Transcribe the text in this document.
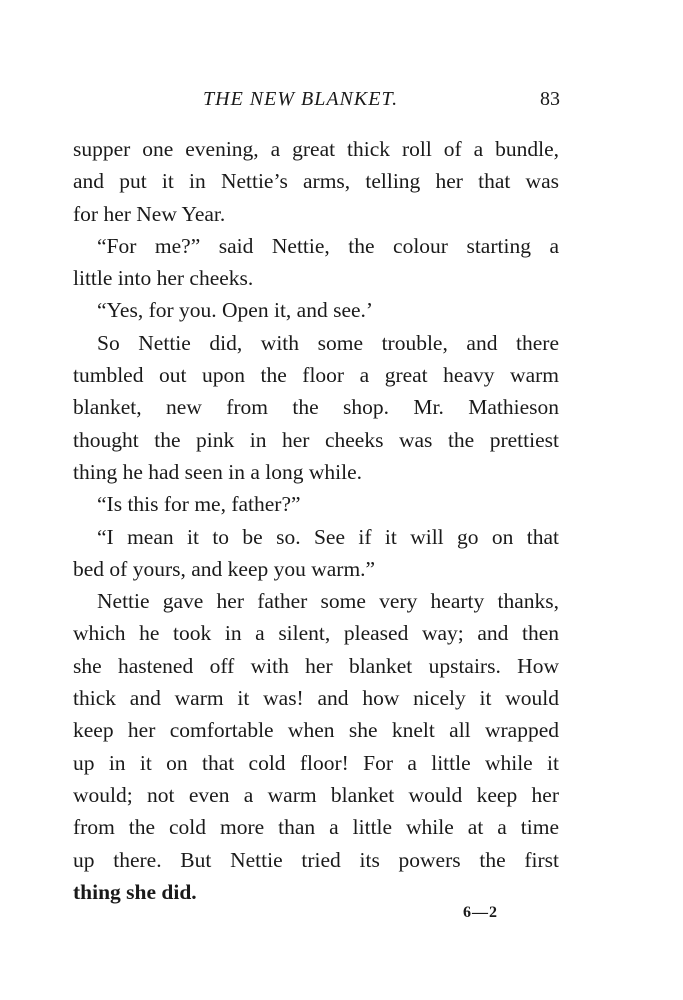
THE NEW BLANKET.	83
supper one evening, a great thick roll of a bundle,
and put it in Nettie’s arms, telling her that was
for her New Year.
“For me?” said Nettie, the colour starting a
little into her cheeks.
“Yes, for you. Open it, and see.’
So Nettie did, with some trouble, and there
tumbled out upon the floor a great heavy warm
blanket, new from the shop. Mr. Mathieson
thought the pink in her cheeks was the prettiest
thing he had seen in a long while.
“Is this for me, father?”
“I mean it to be so. See if it will go on that
bed of yours, and keep you warm.”
Nettie gave her father some very hearty thanks,
which he took in a silent, pleased way; and then
she hastened off with her blanket upstairs. How
thick and warm it was! and how nicely it would
keep her comfortable when she knelt all wrapped
up in it on that cold floor! For a little while it
would; not even a warm blanket would keep her
from the cold more than a little while at a time
up there. But Nettie tried its powers the first
thing she did.
6—2
